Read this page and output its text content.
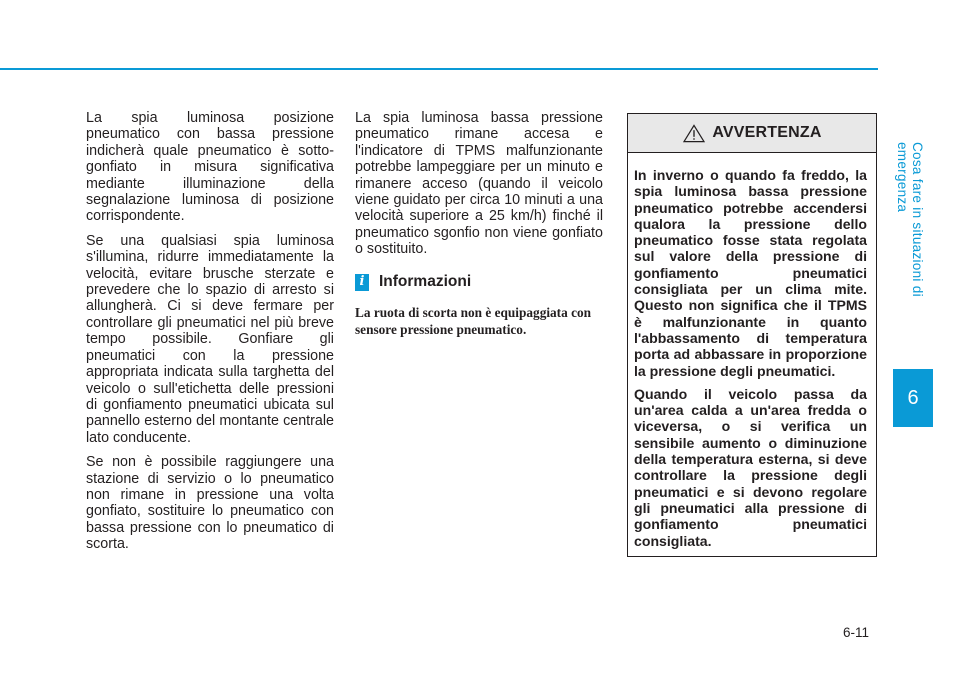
Cosa fare in situazioni di emergenza
6

La spia luminosa posizione pneumatico con bassa pressione indicherà quale pneumatico è sotto-gonfiato in misura significativa mediante illuminazione della segnalazione luminosa di posizione corrispondente.

Se una qualsiasi spia luminosa s'illumina, ridurre immediatamente la velocità, evitare brusche sterzate e prevedere che lo spazio di arresto si allungherà. Ci si deve fermare per controllare gli pneumatici nel più breve tempo possibile. Gonfiare gli pneumatici con la pressione appropriata indicata sulla targhetta del veicolo o sull'etichetta delle pressioni di gonfiamento pneumatici ubicata sul pannello esterno del montante centrale lato conducente.

Se non è possibile raggiungere una stazione di servizio o lo pneumatico non rimane in pressione una volta gonfiato, sostituire lo pneumatico con bassa pressione con lo pneumatico di scorta.

La spia luminosa bassa pressione pneumatico rimane accesa e l'indicatore di TPMS malfunzionante potrebbe lampeggiare per un minuto e rimanere acceso (quando il veicolo viene guidato per circa 10 minuti a una velocità superiore a 25 km/h) finché il pneumatico sgonfio non viene gonfiato o sostituito.

i Informazioni
La ruota di scorta non è equipaggiata con sensore pressione pneumatico.
AVVERTENZA

In inverno o quando fa freddo, la spia luminosa bassa pressione pneumatico potrebbe accendersi qualora la pressione dello pneumatico fosse stata regolata sul valore della pressione di gonfiamento pneumatici consigliata per un clima mite. Questo non significa che il TPMS è malfunzionante in quanto l'abbassamento di temperatura porta ad abbassare in proporzione la pressione degli pneumatici.

Quando il veicolo passa da un'area calda a un'area fredda o viceversa, o si verifica un sensibile aumento o diminuzione della temperatura esterna, si deve controllare la pressione degli pneumatici e si devono regolare gli pneumatici alla pressione di gonfiamento pneumatici consigliata.

6-11
